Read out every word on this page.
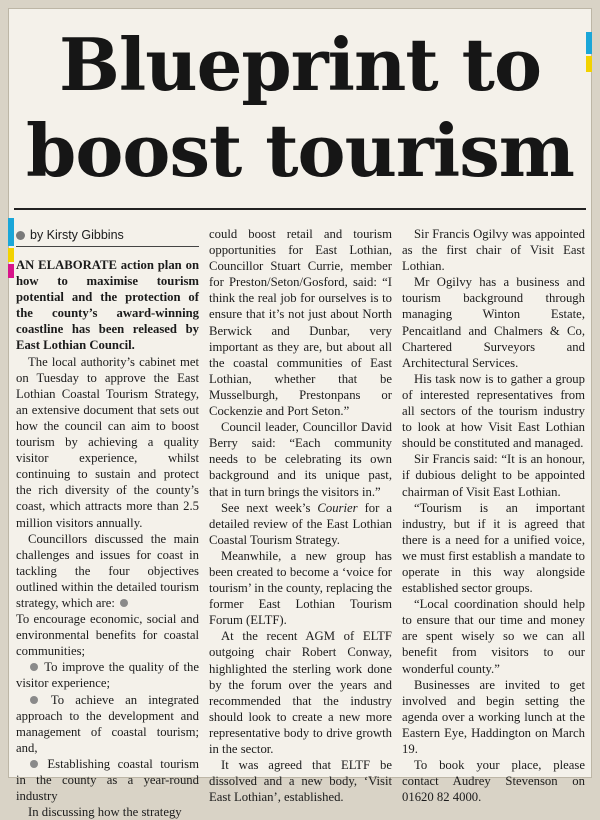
Blueprint to
boost tourism
by Kirsty Gibbins

AN ELABORATE action plan on how to maximise tourism potential and the protection of the county’s award-winning coastline has been released by East Lothian Council.

The local authority’s cabinet met on Tuesday to approve the East Lothian Coastal Tourism Strategy, an extensive document that sets out how the council can aim to boost tourism by achieving a quality visitor experience, whilst continuing to sustain and protect the rich diversity of the county’s coast, which attracts more than 2.5 million visitors annually.

Councillors discussed the main challenges and issues for coast in tackling the four objectives outlined within the detailed tourism strategy, which are:

To encourage economic, social and environmental benefits for coastal communities;

To improve the quality of the visitor experience;

To achieve an integrated approach to the development and management of coastal tourism; and,

Establishing coastal tourism in the county as a year-round industry

In discussing how the strategy

could boost retail and tourism opportunities for East Lothian, Councillor Stuart Currie, member for Preston/Seton/Gosford, said: “I think the real job for ourselves is to ensure that it’s not just about North Berwick and Dunbar, very important as they are, but about all the coastal communities of East Lothian, whether that be Musselburgh, Prestonpans or Cockenzie and Port Seton.”

Council leader, Councillor David Berry said: “Each community needs to be celebrating its own background and its unique past, that in turn brings the visitors in.”

See next week’s Courier for a detailed review of the East Lothian Coastal Tourism Strategy.

Meanwhile, a new group has been created to become a ‘voice for tourism’ in the county, replacing the former East Lothian Tourism Forum (ELTF).

At the recent AGM of ELTF outgoing chair Robert Conway, highlighted the sterling work done by the forum over the years and recommended that the industry should look to create a new more representative body to drive growth in the sector.

It was agreed that ELTF be dissolved and a new body, ‘Visit East Lothian’, established.

Sir Francis Ogilvy was appointed as the first chair of Visit East Lothian.

Mr Ogilvy has a business and tourism background through managing Winton Estate, Pencaitland and Chalmers & Co, Chartered Surveyors and Architectural Services.

His task now is to gather a group of interested representatives from all sectors of the tourism industry to look at how Visit East Lothian should be constituted and managed.

Sir Francis said: “It is an honour, if dubious delight to be appointed chairman of Visit East Lothian.

“Tourism is an important industry, but if it is agreed that there is a need for a unified voice, we must first establish a mandate to operate in this way alongside established sector groups.

“Local coordination should help to ensure that our time and money are spent wisely so we can all benefit from visitors to our wonderful county.”

Businesses are invited to get involved and begin setting the agenda over a working lunch at the Eastern Eye, Haddington on March 19.

To book your place, please contact Audrey Stevenson on 01620 82 4000.
